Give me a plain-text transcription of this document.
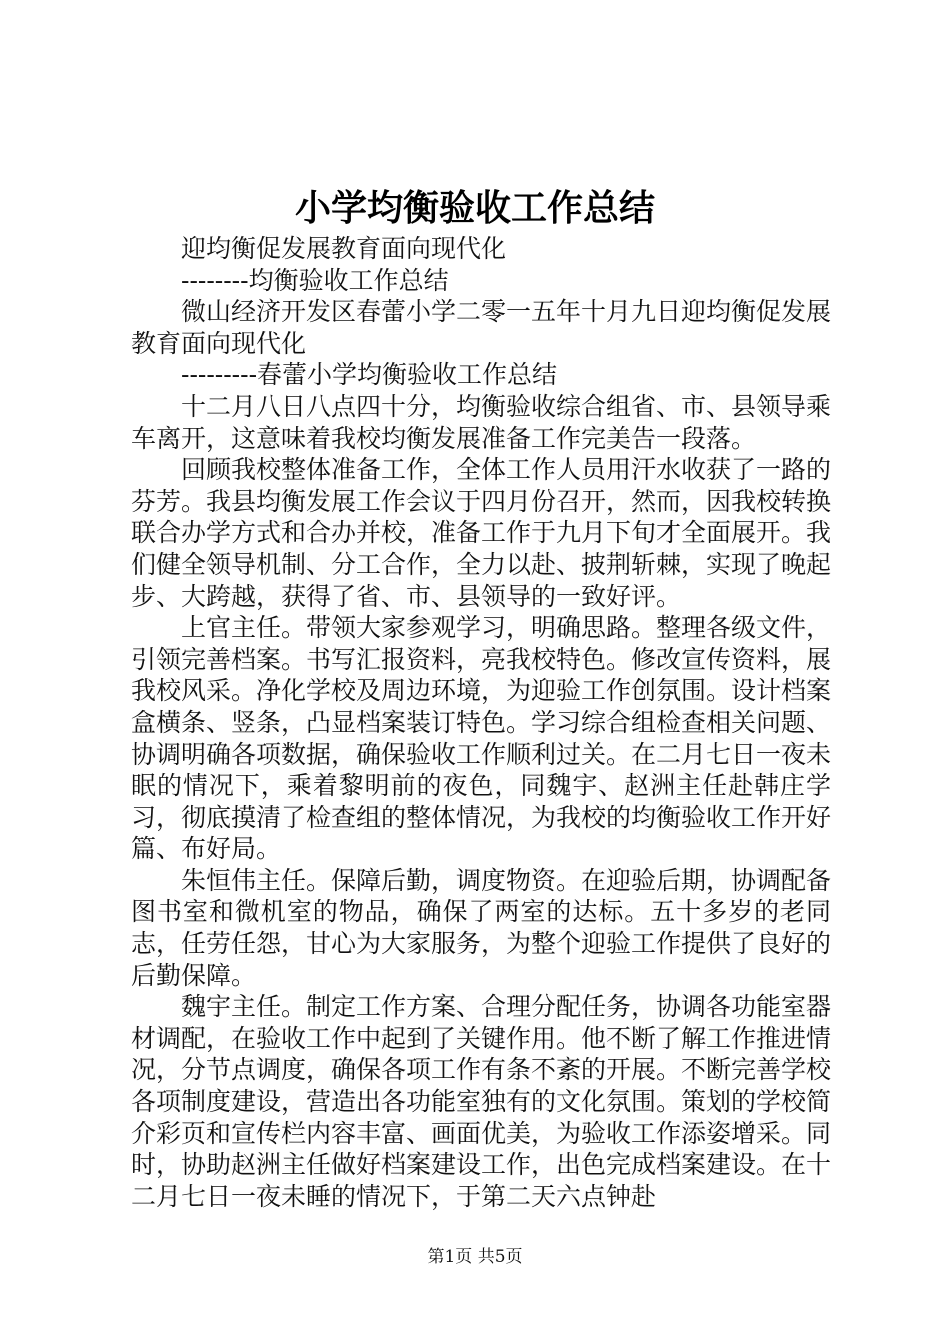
小学均衡验收工作总结

迎均衡促发展教育面向现代化

--------均衡验收工作总结

微山经济开发区春蕾小学二零一五年十月九日迎均衡促发展教育面向现代化

---------春蕾小学均衡验收工作总结

十二月八日八点四十分，均衡验收综合组省、市、县领导乘车离开，这意味着我校均衡发展准备工作完美告一段落。

回顾我校整体准备工作，全体工作人员用汗水收获了一路的芬芳。我县均衡发展工作会议于四月份召开，然而，因我校转换联合办学方式和合办并校，准备工作于九月下旬才全面展开。我们健全领导机制、分工合作，全力以赴、披荆斩棘，实现了晚起步、大跨越，获得了省、市、县领导的一致好评。

上官主任。带领大家参观学习，明确思路。整理各级文件，引领完善档案。书写汇报资料，亮我校特色。修改宣传资料，展我校风采。净化学校及周边环境，为迎验工作创氛围。设计档案盒横条、竖条，凸显档案装订特色。学习综合组检查相关问题、协调明确各项数据，确保验收工作顺利过关。在二月七日一夜未眠的情况下，乘着黎明前的夜色，同魏宇、赵洲主任赴韩庄学习，彻底摸清了检查组的整体情况，为我校的均衡验收工作开好篇、布好局。

朱恒伟主任。保障后勤，调度物资。在迎验后期，协调配备图书室和微机室的物品，确保了两室的达标。五十多岁的老同志，任劳任怨，甘心为大家服务，为整个迎验工作提供了良好的后勤保障。

魏宇主任。制定工作方案、合理分配任务，协调各功能室器材调配，在验收工作中起到了关键作用。他不断了解工作推进情况，分节点调度，确保各项工作有条不紊的开展。不断完善学校各项制度建设，营造出各功能室独有的文化氛围。策划的学校简介彩页和宣传栏内容丰富、画面优美，为验收工作添姿增采。同时，协助赵洲主任做好档案建设工作，出色完成档案建设。在十二月七日一夜未睡的情况下，于第二天六点钟赴

第1页 共5页
